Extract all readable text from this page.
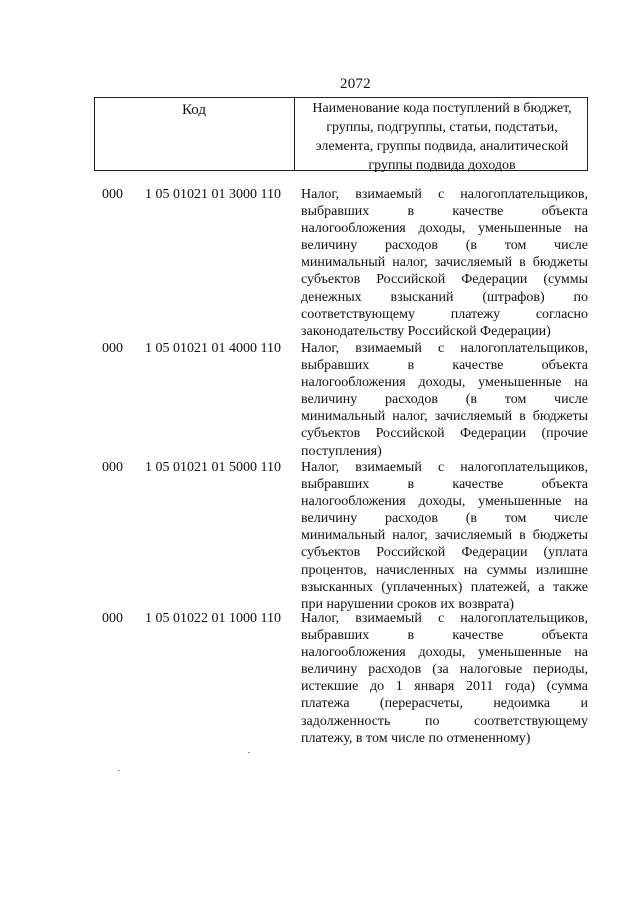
2072
Код	Наименование кода поступлений в бюджет, группы, подгруппы, статьи, подстатьи, элемента, группы подвида, аналитической группы подвида доходов
000 1 05 01021 01 3000 110 Налог, взимаемый с налогоплательщиков,
выбравших в качестве объекта
налогообложения доходы, уменьшенные на
величину расходов (в том числе
минимальный налог, зачисляемый в бюджеты
субъектов Российской Федерации (суммы
денежных взысканий (штрафов) по
соответствующему платежу согласно
законодательству Российской Федерации)
000 1 05 01021 01 4000 110 Налог, взимаемый с налогоплательщиков,
выбравших в качестве объекта
налогообложения доходы, уменьшенные на
величину расходов (в том числе
минимальный налог, зачисляемый в бюджеты
субъектов Российской Федерации (прочие
поступления)
000 1 05 01021 01 5000 110 Налог, взимаемый с налогоплательщиков,
выбравших в качестве объекта
налогообложения доходы, уменьшенные на
величину расходов (в том числе
минимальный налог, зачисляемый в бюджеты
субъектов Российской Федерации (уплата
процентов, начисленных на суммы излишне
взысканных (уплаченных) платежей, а также
при нарушении сроков их возврата)
000 1 05 01022 01 1000 110 Налог, взимаемый с налогоплательщиков,
выбравших в качестве объекта
налогообложения доходы, уменьшенные на
величину расходов (за налоговые периоды,
истекшие до 1 января 2011 года) (сумма
платежа (перерасчеты, недоимка и
задолженность по соответствующему
платежу, в том числе по отмененному)
